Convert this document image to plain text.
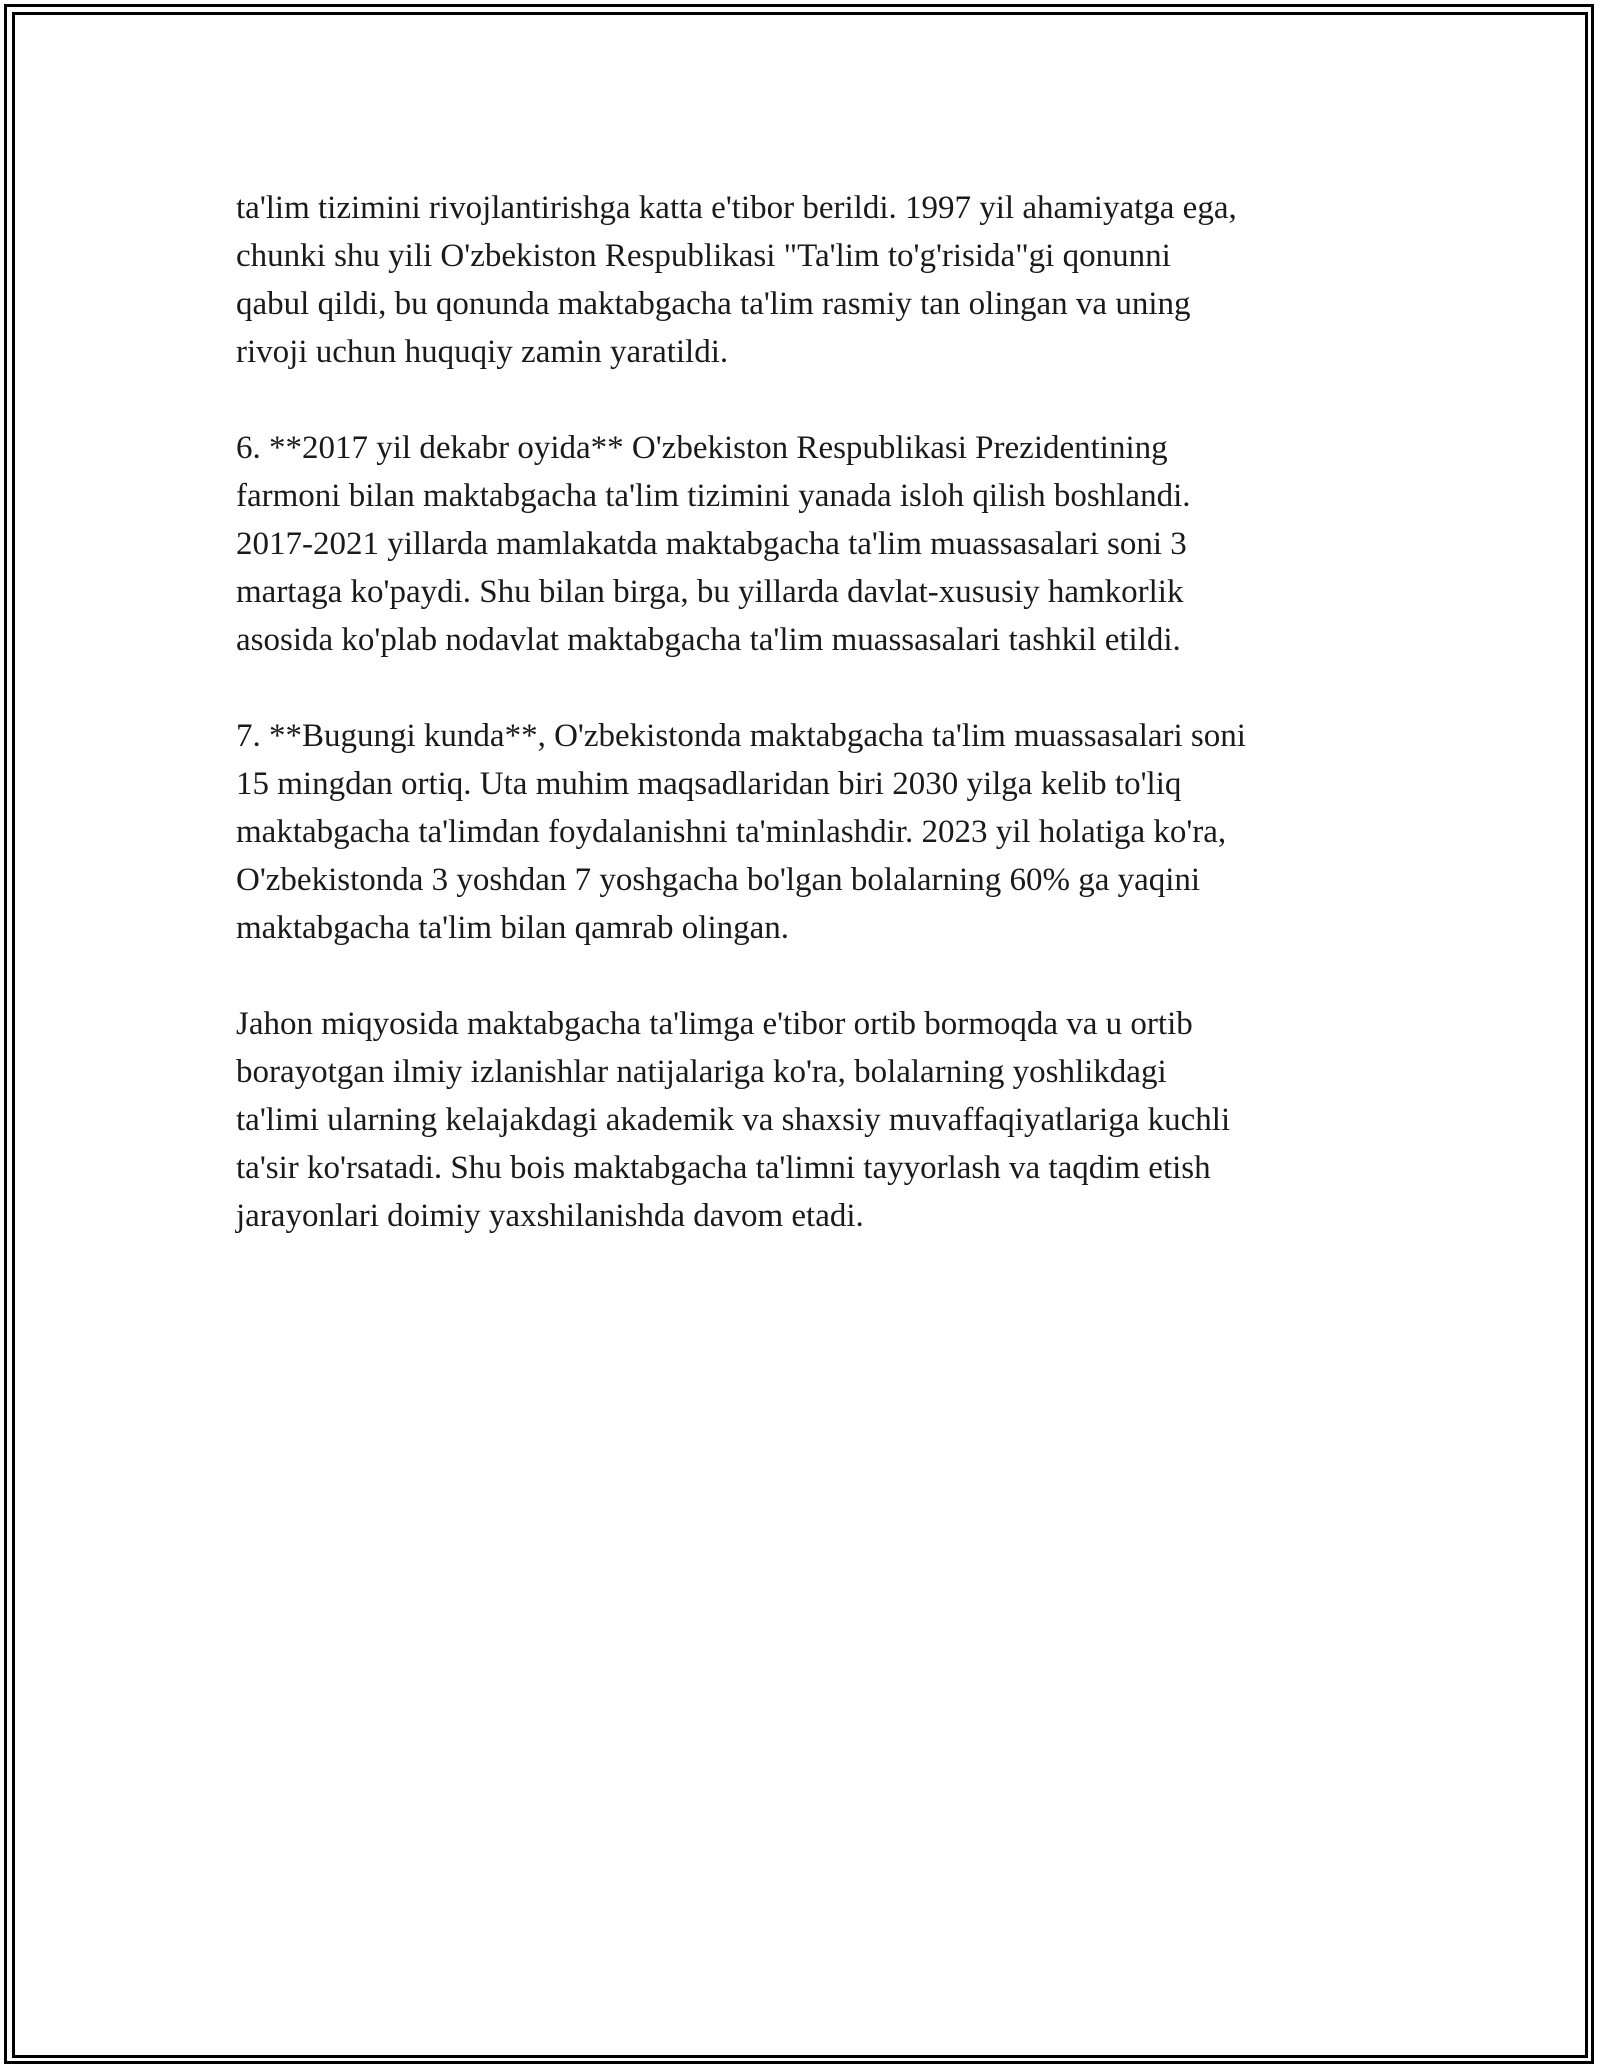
ta'lim tizimini rivojlantirishga katta e'tibor berildi. 1997 yil ahamiyatga ega,
chunki shu yili O'zbekiston Respublikasi "Ta'lim to'g'risida"gi qonunni
qabul qildi, bu qonunda maktabgacha ta'lim rasmiy tan olingan va uning
rivoji uchun huquqiy zamin yaratildi.

6. **2017 yil dekabr oyida** O'zbekiston Respublikasi Prezidentining
farmoni bilan maktabgacha ta'lim tizimini yanada isloh qilish boshlandi.
2017-2021 yillarda mamlakatda maktabgacha ta'lim muassasalari soni 3
martaga ko'paydi. Shu bilan birga, bu yillarda davlat-xususiy hamkorlik
asosida ko'plab nodavlat maktabgacha ta'lim muassasalari tashkil etildi.

7. **Bugungi kunda**, O'zbekistonda maktabgacha ta'lim muassasalari soni
15 mingdan ortiq. Uta muhim maqsadlaridan biri 2030 yilga kelib to'liq
maktabgacha ta'limdan foydalanishni ta'minlashdir. 2023 yil holatiga ko'ra,
O'zbekistonda 3 yoshdan 7 yoshgacha bo'lgan bolalarning 60% ga yaqini
maktabgacha ta'lim bilan qamrab olingan.

Jahon miqyosida maktabgacha ta'limga e'tibor ortib bormoqda va u ortib
borayotgan ilmiy izlanishlar natijalariga ko'ra, bolalarning yoshlikdagi
ta'limi ularning kelajakdagi akademik va shaxsiy muvaffaqiyatlariga kuchli
ta'sir ko'rsatadi. Shu bois maktabgacha ta'limni tayyorlash va taqdim etish
jarayonlari doimiy yaxshilanishda davom etadi.
